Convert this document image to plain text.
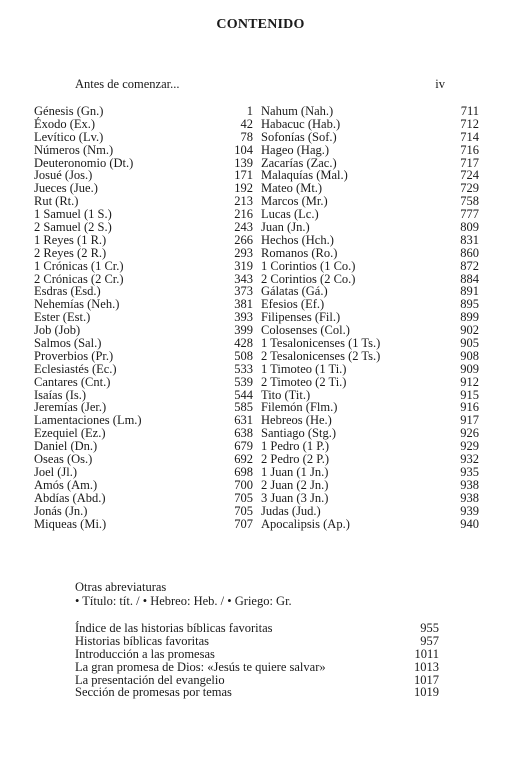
CONTENIDO
Antes de comenzar...	iv
Génesis (Gn.)	1
Éxodo (Ex.)	42
Levítico (Lv.)	78
Números (Nm.)	104
Deuteronomio (Dt.)	139
Josué (Jos.)	171
Jueces (Jue.)	192
Rut (Rt.)	213
1 Samuel (1 S.)	216
2 Samuel (2 S.)	243
1 Reyes (1 R.)	266
2 Reyes (2 R.)	293
1 Crónicas (1 Cr.)	319
2 Crónicas (2 Cr.)	343
Esdras (Esd.)	373
Nehemías (Neh.)	381
Ester (Est.)	393
Job (Job)	399
Salmos (Sal.)	428
Proverbios (Pr.)	508
Eclesiastés (Ec.)	533
Cantares (Cnt.)	539
Isaías (Is.)	544
Jeremías (Jer.)	585
Lamentaciones (Lm.)	631
Ezequiel (Ez.)	638
Daniel (Dn.)	679
Oseas (Os.)	692
Joel (Jl.)	698
Amós (Am.)	700
Abdías (Abd.)	705
Jonás (Jn.)	705
Miqueas (Mi.)	707
Nahum (Nah.)	711
Habacuc (Hab.)	712
Sofonías (Sof.)	714
Hageo (Hag.)	716
Zacarías (Zac.)	717
Malaquías (Mal.)	724
Mateo (Mt.)	729
Marcos (Mr.)	758
Lucas (Lc.)	777
Juan (Jn.)	809
Hechos (Hch.)	831
Romanos (Ro.)	860
1 Corintios (1 Co.)	872
2 Corintios (2 Co.)	884
Gálatas (Gá.)	891
Efesios (Ef.)	895
Filipenses (Fil.)	899
Colosenses (Col.)	902
1 Tesalonicenses (1 Ts.)	905
2 Tesalonicenses (2 Ts.)	908
1 Timoteo (1 Ti.)	909
2 Timoteo (2 Ti.)	912
Tito (Tit.)	915
Filemón (Flm.)	916
Hebreos (He.)	917
Santiago (Stg.)	926
1 Pedro (1 P.)	929
2 Pedro (2 P.)	932
1 Juan (1 Jn.)	935
2 Juan (2 Jn.)	938
3 Juan (3 Jn.)	938
Judas (Jud.)	939
Apocalipsis (Ap.)	940
Otras abreviaturas
• Título: tít. / • Hebreo: Heb. / • Griego: Gr.
Índice de las historias bíblicas favoritas	955
Historias bíblicas favoritas	957
Introducción a las promesas	1011
La gran promesa de Dios: «Jesús te quiere salvar»	1013
La presentación del evangelio	1017
Sección de promesas por temas	1019
